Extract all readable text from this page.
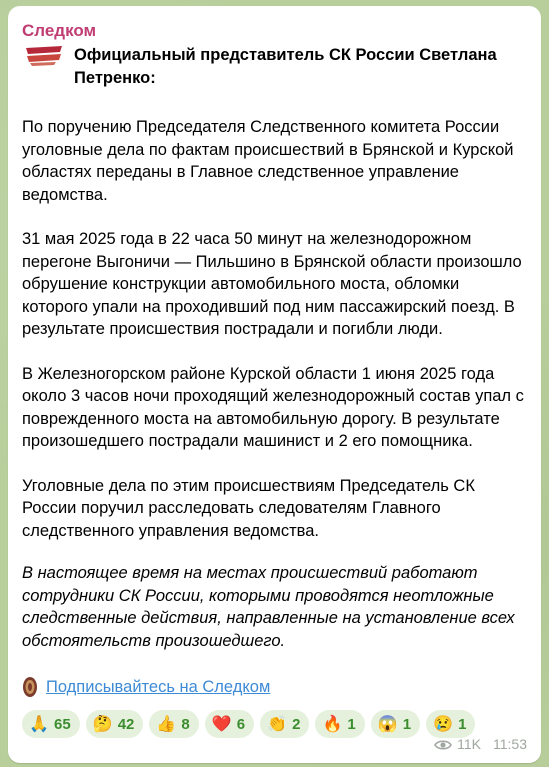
Следком
Официальный представитель СК России Светлана Петренко:

По поручению Председателя Следственного комитета России уголовные дела по фактам происшествий в Брянской и Курской областях переданы в Главное следственное управление ведомства.

31 мая 2025 года в 22 часа 50 минут на железнодорожном перегоне Выгоничи — Пильшино в Брянской области произошло обрушение конструкции автомобильного моста, обломки которого упали на проходивший под ним пассажирский поезд. В результате происшествия пострадали и погибли люди.

В Железногорском районе Курской области 1 июня 2025 года около 3 часов ночи проходящий железнодорожный состав упал с поврежденного моста на автомобильную дорогу. В результате произошедшего пострадали машинист и 2 его помощника.

Уголовные дела по этим происшествиям Председатель СК России поручил расследовать следователям Главного следственного управления ведомства.

В настоящее время на местах происшествий работают сотрудники СК России, которыми проводятся неотложные следственные действия, направленные на установление всех обстоятельств произошедшего.

Подписывайтесь на Следком
🙏 65 🤔 42 👍 8 ❤️ 6 👏 2 🔥 1 😱 1 😢 1
11K 11:53
